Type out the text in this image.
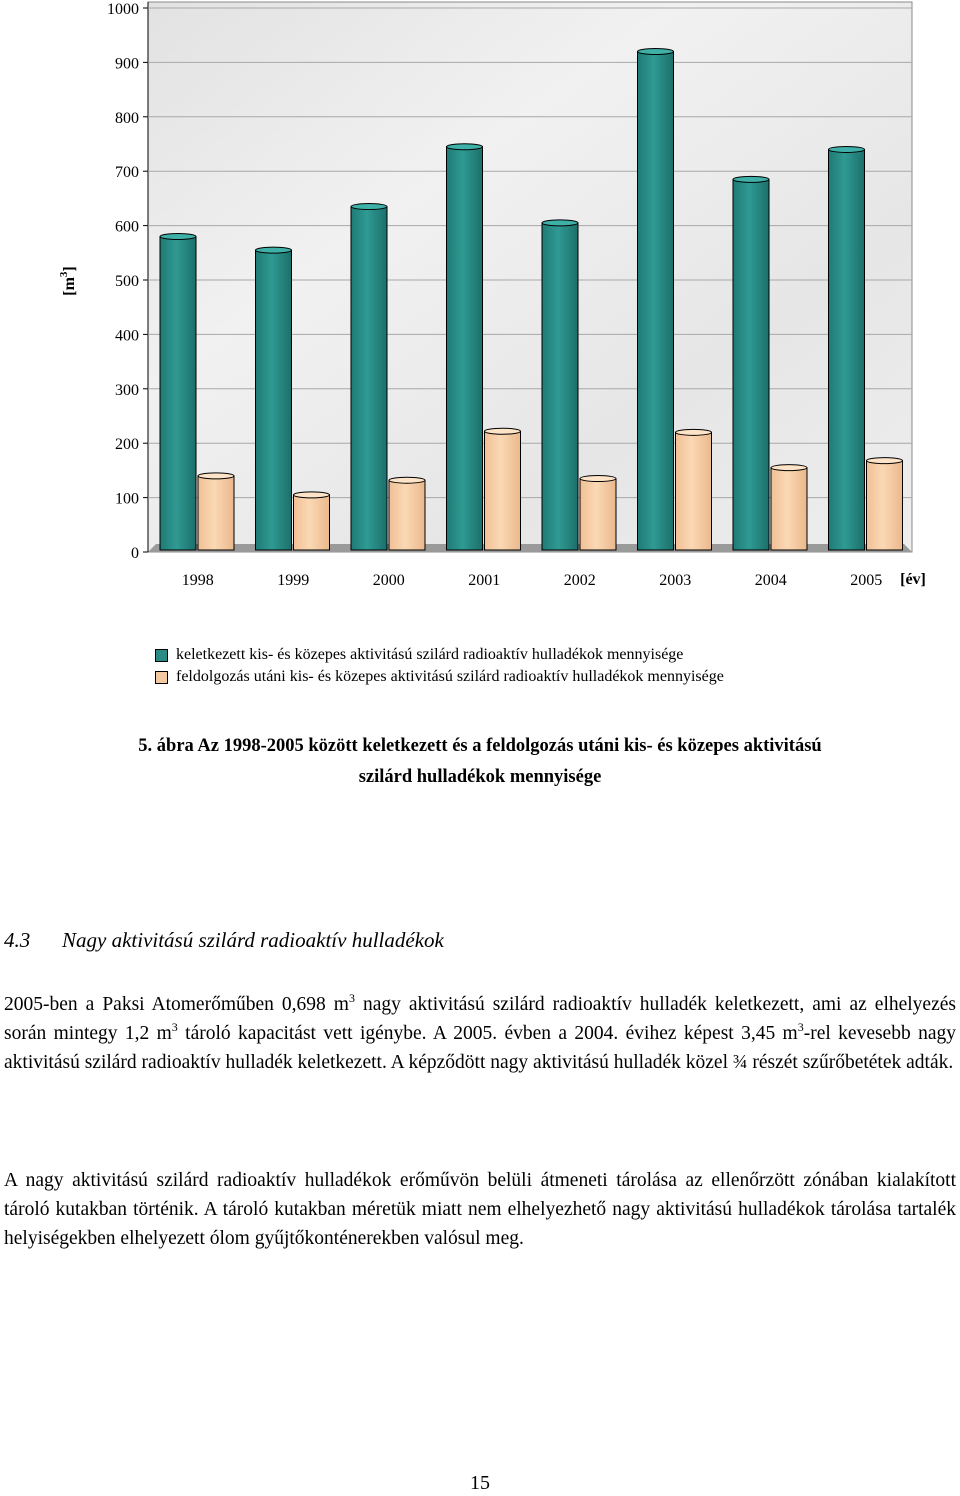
0
100
200
300
400
500
600
700
800
900
1000
1998	1999	2000	2001	2002	2003	2004	2005
$[m^3]$
[év]
keletkezett kis- és közepes aktivitású szilárd radioaktív hulladékok mennyisége
feldolgozás utáni kis- és közepes aktivitású szilárd radioaktív hulladékok mennyisége
5. ábra Az 1998-2005 között keletkezett és a feldolgozás utáni kis- és közepes aktivitású
szilárd hulladékok mennyisége
4.3 Nagy aktivitású szilárd radioaktív hulladékok

2005-ben a Paksi Atomerőműben 0,698 $m^3$ nagy aktivitású szilárd radioaktív hulladék keletkezett, ami az elhelyezés során mintegy 1,2 $m^3$ tároló kapacitást vett igénybe. A 2005. évben a 2004. évihez képest 3,45 $m^3$-rel kevesebb nagy aktivitású szilárd radioaktív hulladék keletkezett. A képződött nagy aktivitású hulladék közel ¾ részét szűrőbetétek adták.

A nagy aktivitású szilárd radioaktív hulladékok erőművön belüli átmeneti tárolása az ellenőrzött zónában kialakított tároló kutakban történik. A tároló kutakban méretük miatt nem elhelyezhető nagy aktivitású hulladékok tárolása tartalék helyiségekben elhelyezett ólom gyűjtőkonténerekben valósul meg.

15
